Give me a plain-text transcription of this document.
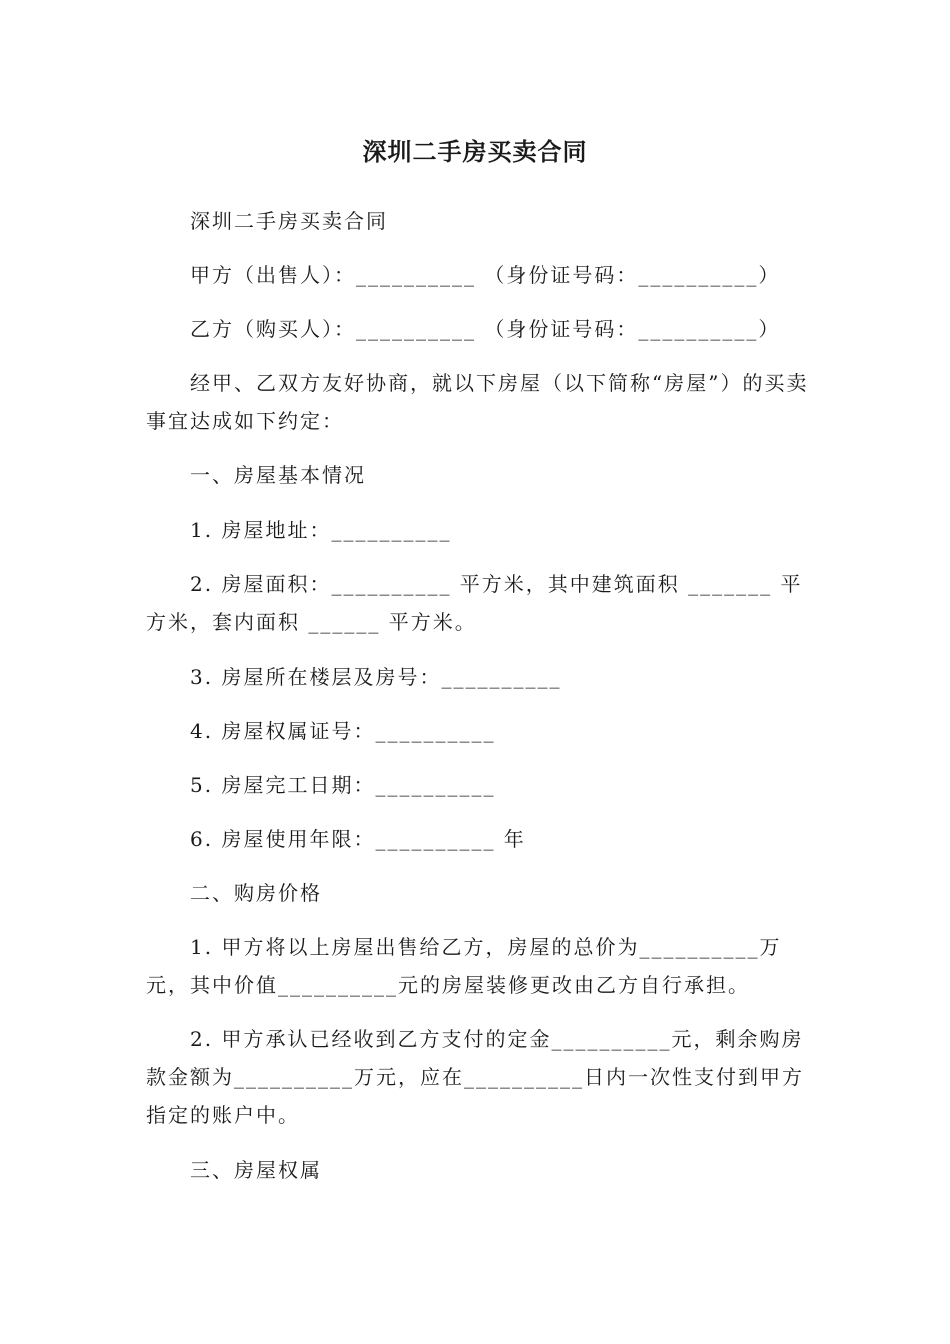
深圳二手房买卖合同

深圳二手房买卖合同

甲方（出售人）：__________ （身份证号码：__________）

乙方（购买人）：__________ （身份证号码：__________）

经甲、乙双方友好协商，就以下房屋（以下简称“房屋”）的买卖事宜达成如下约定：

一、房屋基本情况

1. 房屋地址：__________

2. 房屋面积：__________ 平方米，其中建筑面积 _______ 平方米，套内面积 ______ 平方米。

3. 房屋所在楼层及房号：__________

4. 房屋权属证号：__________

5. 房屋完工日期：__________

6. 房屋使用年限：__________ 年

二、购房价格

1. 甲方将以上房屋出售给乙方，房屋的总价为__________万元，其中价值__________元的房屋装修更改由乙方自行承担。

2. 甲方承认已经收到乙方支付的定金__________元，剩余购房款金额为__________万元，应在__________日内一次性支付到甲方指定的账户中。

三、房屋权属
